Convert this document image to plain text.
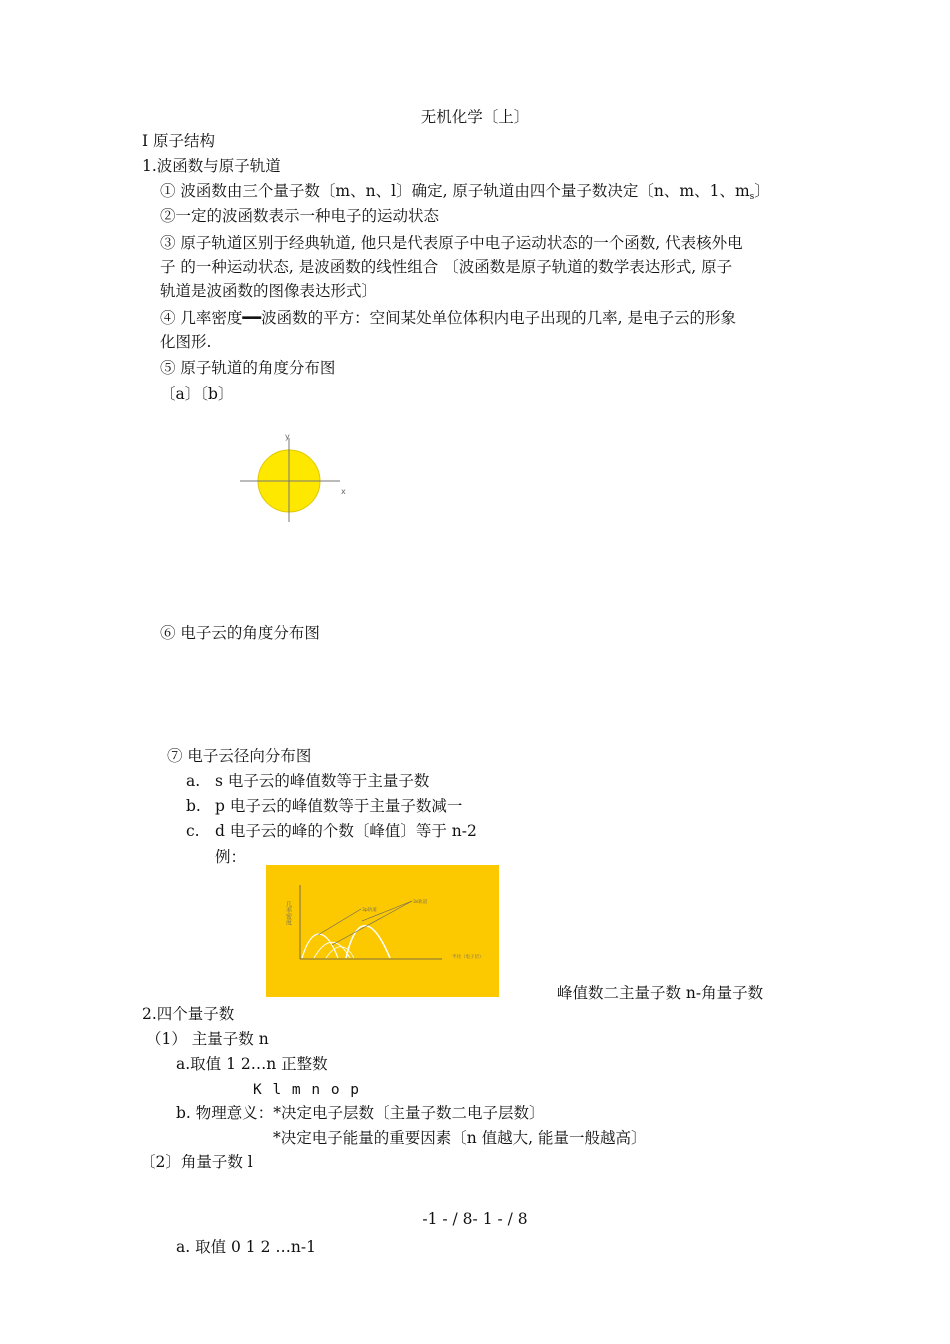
无机化学〔上〕
I 原子结构
1.波函数与原子轨道
① 波函数由三个量子数〔m、n、l〕确定, 原子轨道由四个量子数决定〔n、m、1、$m_s$〕
②一定的波函数表示一种电子的运动状态
③ 原子轨道区别于经典轨道, 他只是代表原子中电子运动状态的一个函数, 代表核外电
子 的一种运动状态, 是波函数的线性组合 〔波函数是原子轨道的数学表达形式, 原子
轨道是波函数的图像表达形式〕
④ 几率密度━━波函数的平方：空间某处单位体积内电子出现的几率, 是电子云的形象
化图形.
⑤ 原子轨道的角度分布图
〔a〕〔b〕
y
x
⑥ 电子云的角度分布图
⑦ 电子云径向分布图
a. s 电子云的峰值数等于主量子数
b. p 电子云的峰值数等于主量子数减一
c. d 电子云的峰的个数〔峰值〕等于 n-2
例：
几率密度	3p轨道
3s轨道
半径（电子层）
峰值数二主量子数 n-角量子数
2.四个量子数
（1） 主量子数 n
a.取值 1 2…n 正整数
K l m n o p
b. 物理意义：*决定电子层数〔主量子数二电子层数〕
*决定电子能量的重要因素〔n 值越大, 能量一般越高〕
〔2〕角量子数 l
-1 - / 8- 1 - / 8
a. 取值 0 1 2 …n-1
